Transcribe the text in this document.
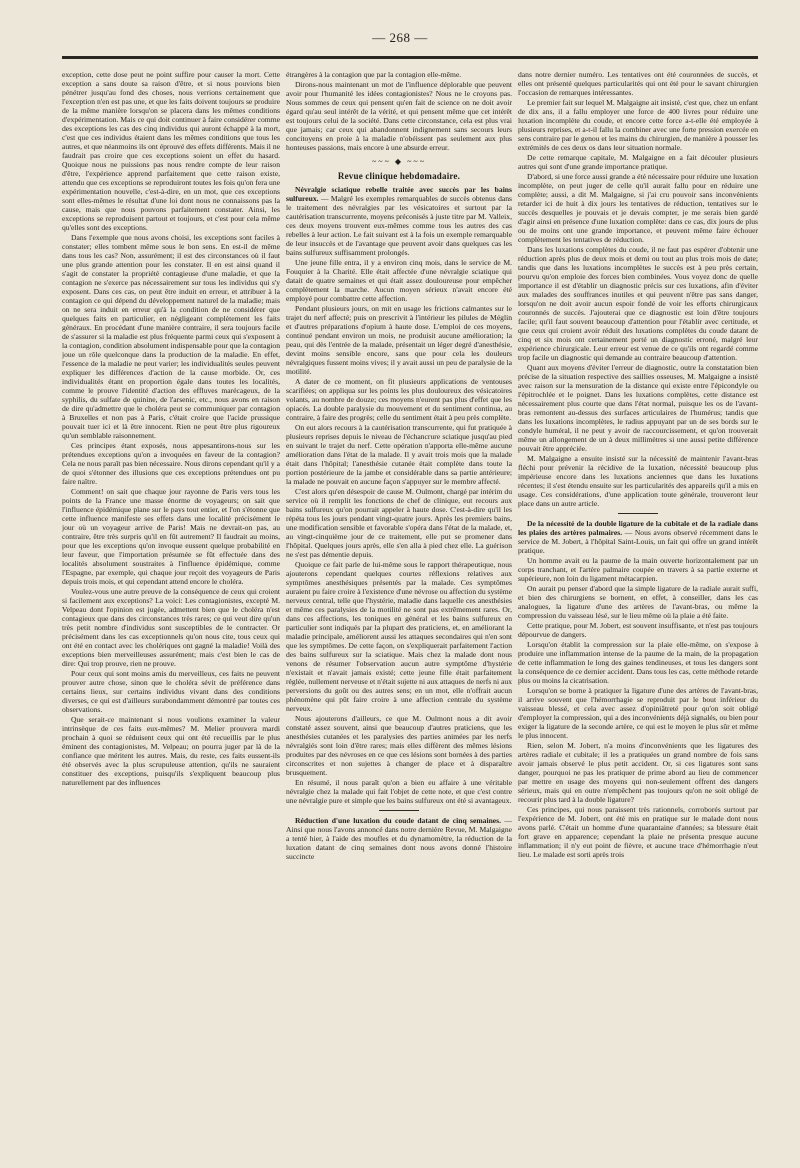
— 268 —

exception, cette dose peut ne point suffire pour causer la mort. Cette exception a sans doute sa raison d'être, et si nous pouvions bien pénétrer jusqu'au fond des choses, nous verrions certainement que l'exception n'en est pas une, et que les faits doivent toujours se produire de la même manière lorsqu'on se placera dans les mêmes conditions d'expérimentation. Mais ce qui doit continuer à faire considérer comme des exceptions les cas des cinq individus qui auront échappé à la mort, c'est que ces individus étaient dans les mêmes conditions que tous les autres, et que néanmoins ils ont éprouvé des effets différents. Mais il ne faudrait pas croire que ces exceptions soient un effet du hasard. Quoique nous ne puissions pas nous rendre compte de leur raison d'être, l'expérience apprend parfaitement que cette raison existe, attendu que ces exceptions se reproduiront toutes les fois qu'on fera une expérimentation nouvelle, c'est-à-dire, en un mot, que ces exceptions sont elles-mêmes le résultat d'une loi dont nous ne connaissons pas la cause, mais que nous pouvons parfaitement constater. Ainsi, les exceptions se reproduisent partout et toujours, et c'est pour cela même qu'elles sont des exceptions.

Dans l'exemple que nous avons choisi, les exceptions sont faciles à constater; elles tombent même sous le bon sens. En est-il de même dans tous les cas? Non, assurément; il est des circonstances où il faut une plus grande attention pour les constater. Il en est ainsi quand il s'agit de constater la propriété contagieuse d'une maladie, et que la contagion ne s'exerce pas nécessairement sur tous les individus qui s'y exposent. Dans ces cas, on peut être induit en erreur, et attribuer à la contagion ce qui dépend du développement naturel de la maladie; mais on ne sera induit en erreur qu'à la condition de ne considérer que quelques faits en particulier, en négligeant complètement les faits généraux. En procédant d'une manière contraire, il sera toujours facile de s'assurer si la maladie est plus fréquente parmi ceux qui s'exposent à la contagion, condition absolument indispensable pour que la contagion joue un rôle quelconque dans la production de la maladie. En effet, l'essence de la maladie ne peut varier; les individualités seules peuvent expliquer les différences d'action de la cause morbide. Or, ces individualités étant en proportion égale dans toutes les localités, comme le prouve l'identité d'action des effluves marécageux, de la syphilis, du sulfate de quinine, de l'arsenic, etc., nous avons en raison de dire qu'admettre que le choléra peut se communiquer par contagion à Bruxelles et non pas à Paris, c'était croire que l'acide prussique pouvait tuer ici et là être innocent. Rien ne peut être plus rigoureux qu'un semblable raisonnement.

Ces principes étant exposés, nous appesantirons-nous sur les prétendues exceptions qu'on a invoquées en faveur de la contagion? Cela ne nous paraît pas bien nécessaire. Nous dirons cependant qu'il y a de quoi s'étonner des illusions que ces exceptions prétendues ont pu faire naître.

Comment! on sait que chaque jour rayonne de Paris vers tous les points de la France une masse énorme de voyageurs; on sait que l'influence épidémique plane sur le pays tout entier, et l'on s'étonne que cette influence manifeste ses effets dans une localité précisément le jour où un voyageur arrive de Paris! Mais ne devrait-on pas, au contraire, être très surpris qu'il en fût autrement? Il faudrait au moins, pour que les exceptions qu'on invoque eussent quelque probabilité en leur faveur, que l'importation présumée se fût effectuée dans des localités absolument soustraites à l'influence épidémique, comme l'Espagne, par exemple, qui chaque jour reçoit des voyageurs de Paris depuis trois mois, et qui cependant attend encore le choléra.

Voulez-vous une autre preuve de la conséquence de ceux qui croient si facilement aux exceptions? La voici: Les contagionistes, excepté M. Velpeau dont l'opinion est jugée, admettent bien que le choléra n'est contagieux que dans des circonstances très rares; ce qui veut dire qu'un très petit nombre d'individus sont susceptibles de le contracter. Or précisément dans les cas exceptionnels qu'on nous cite, tous ceux qui ont été en contact avec les cholériques ont gagné la maladie! Voilà des exceptions bien merveilleuses assurément; mais c'est bien le cas de dire: Qui trop prouve, rien ne prouve.

Pour ceux qui sont moins amis du merveilleux, ces faits ne peuvent prouver autre chose, sinon que le choléra sévit de préférence dans certains lieux, sur certains individus vivant dans des conditions diverses, ce qui est d'ailleurs surabondamment démontré par toutes ces observations.

Que serait-ce maintenant si nous voulions examiner la valeur intrinsèque de ces faits eux-mêmes? M. Melier prouvera mardi prochain à quoi se réduisent ceux qui ont été recueillis par le plus éminent des contagionistes, M. Velpeau; on pourra juger par là de la confiance que méritent les autres. Mais, du reste, ces faits eussent-ils été observés avec la plus scrupuleuse attention, qu'ils ne sauraient constituer des exceptions, puisqu'ils s'expliquent beaucoup plus naturellement par des influences

étrangères à la contagion que par la contagion elle-même.

Dirons-nous maintenant un mot de l'influence déplorable que peuvent avoir pour l'humanité les idées contagionistes? Nous ne le croyons pas. Nous sommes de ceux qui pensent qu'en fait de science on ne doit avoir égard qu'au seul intérêt de la vérité, et qui pensent même que cet intérêt est toujours celui de la société. Dans cette circonstance, cela est plus vrai que jamais; car ceux qui abandonnent indignement sans secours leurs concitoyens en proie à la maladie n'obéissent pas seulement aux plus honteuses passions, mais encore à une absurde erreur.

~~~ ◆ ~~~
Revue clinique hebdomadaire.

Névralgie sciatique rebelle traitée avec succès par les bains sulfureux. — Malgré les exemples remarquables de succès obtenus dans le traitement des névralgies par les vésicatoires et surtout par la cautérisation transcurrente, moyens préconisés à juste titre par M. Valleix, ces deux moyens trouvent eux-mêmes comme tous les autres des cas rebelles à leur action. Le fait suivant est à la fois un exemple remarquable de leur insuccès et de l'avantage que peuvent avoir dans quelques cas les bains sulfureux suffisamment prolongés.

Une jeune fille entra, il y a environ cinq mois, dans le service de M. Fouquier à la Charité. Elle était affectée d'une névralgie sciatique qui datait de quatre semaines et qui était assez douloureuse pour empêcher complètement la marche. Aucun moyen sérieux n'avait encore été employé pour combattre cette affection.

Pendant plusieurs jours, on mit en usage les frictions calmantes sur le trajet du nerf affecté; puis on prescrivit à l'intérieur les pilules de Méglin et d'autres préparations d'opium à haute dose. L'emploi de ces moyens, continué pendant environ un mois, ne produisit aucune amélioration; la peau, qui dès l'entrée de la malade, présentait un léger degré d'anesthésie, devint moins sensible encore, sans que pour cela les douleurs névralgiques fussent moins vives; il y avait aussi un peu de paralysie de la motilité.

A dater de ce moment, on fit plusieurs applications de ventouses scarifiées; on appliqua sur les points les plus douloureux des vésicatoires volants, au nombre de douze; ces moyens n'eurent pas plus d'effet que les opiacés. La double paralysie du mouvement et du sentiment continua, au contraire, à faire des progrès; celle du sentiment était à peu près complète.

On eut alors recours à la cautérisation transcurrente, qui fut pratiquée à plusieurs reprises depuis le niveau de l'échancrure sciatique jusqu'au pied en suivant le trajet du nerf. Cette opération n'apporta elle-même aucune amélioration dans l'état de la malade. Il y avait trois mois que la malade était dans l'hôpital; l'anesthésie cutanée était complète dans toute la portion postérieure de la jambe et considérable dans sa partie antérieure; la malade ne pouvait en aucune façon s'appuyer sur le membre affecté.

C'est alors qu'en désespoir de cause M. Oulmont, chargé par intérim du service où il remplit les fonctions de chef de clinique, eut recours aux bains sulfureux qu'on pourrait appeler à haute dose. C'est-à-dire qu'il les répéta tous les jours pendant vingt-quatre jours. Après les premiers bains, une modification sensible et favorable s'opéra dans l'état de la malade, et, au vingt-cinquième jour de ce traitement, elle put se promener dans l'hôpital. Quelques jours après, elle s'en alla à pied chez elle. La guérison ne s'est pas démentie depuis.

Quoique ce fait parle de lui-même sous le rapport thérapeutique, nous ajouterons cependant quelques courtes réflexions relatives aux symptômes anesthésiques présentés par la malade. Ces symptômes auraient pu faire croire à l'existence d'une névrose ou affection du système nerveux central, telle que l'hystérie, maladie dans laquelle ces anesthésies et même ces paralysies de la motilité ne sont pas extrêmement rares. Or, dans ces affections, les toniques en général et les bains sulfureux en particulier sont indiqués par la plupart des praticiens, et, en améliorant la maladie principale, améliorent aussi les attaques secondaires qui n'en sont que les symptômes. De cette façon, on s'expliquerait parfaitement l'action des bains sulfureux sur la sciatique. Mais chez la malade dont nous venons de résumer l'observation aucun autre symptôme d'hystérie n'existait et n'avait jamais existé; cette jeune fille était parfaitement réglée, nullement nerveuse et n'était sujette ni aux attaques de nerfs ni aux perversions du goût ou des autres sens; en un mot, elle n'offrait aucun phénomène qui pût faire croire à une affection centrale du système nerveux.

Nous ajouterons d'ailleurs, ce que M. Oulmont nous a dit avoir constaté assez souvent, ainsi que beaucoup d'autres praticiens, que les anesthésies cutanées et les paralysies des parties animées par les nerfs névralgiés sont loin d'être rares; mais elles diffèrent des mêmes lésions produites par des névroses en ce que ces lésions sont bornées à des parties circonscrites et non sujettes à changer de place et à disparaître brusquement.

En résumé, il nous paraît qu'on a bien eu affaire à une véritable névralgie chez la malade qui fait l'objet de cette note, et que c'est contre une névralgie pure et simple que les bains sulfureux ont été si avantageux.

Réduction d'une luxation du coude datant de cinq semaines. — Ainsi que nous l'avons annoncé dans notre dernière Revue, M. Malgaigne a tenté hier, à l'aide des moufles et du dynamomètre, la réduction de la luxation datant de cinq semaines dont nous avons donné l'histoire succincte

dans notre dernier numéro. Les tentatives ont été couronnées de succès, et elles ont présenté quelques particularités qui ont été pour le savant chirurgien l'occasion de remarques intéressantes.

Le premier fait sur lequel M. Malgaigne ait insisté, c'est que, chez un enfant de dix ans, il a fallu employer une force de 400 livres pour réduire une luxation incomplète du coude, et encore cette force a-t-elle été employée à plusieurs reprises, et a-t-il fallu la combiner avec une forte pression exercée en sens contraire par le genou et les mains du chirurgien, de manière à pousser les extrémités de ces deux os dans leur situation normale.

De cette remarque capitale, M. Malgaigne en a fait découler plusieurs autres qui sont d'une grande importance pratique.

D'abord, si une force aussi grande a été nécessaire pour réduire une luxation incomplète, on peut juger de celle qu'il aurait fallu pour en réduire une complète; aussi, a dit M. Malgaigne, si j'ai cru pouvoir sans inconvénients retarder ici de huit à dix jours les tentatives de réduction, tentatives sur le succès desquelles je pouvais et je devais compter, je me serais bien gardé d'agir ainsi en présence d'une luxation complète: dans ce cas, dix jours de plus ou de moins ont une grande importance, et peuvent même faire échouer complètement les tentatives de réduction.

Dans les luxations complètes du coude, il ne faut pas espérer d'obtenir une réduction après plus de deux mois et demi ou tout au plus trois mois de date; tandis que dans les luxations incomplètes le succès est à peu près certain, pourvu qu'on emploie des forces bien combinées. Vous voyez donc de quelle importance il est d'établir un diagnostic précis sur ces luxations, afin d'éviter aux malades des souffrances inutiles et qui peuvent n'être pas sans danger, lorsqu'on ne doit avoir aucun espoir fondé de voir les efforts chirurgicaux couronnés de succès. J'ajouterai que ce diagnostic est loin d'être toujours facile; qu'il faut souvent beaucoup d'attention pour l'établir avec certitude, et que ceux qui croient avoir réduit des luxations complètes du coude datant de cinq et six mois ont certainement porté un diagnostic erroné, malgré leur expérience chirurgicale. Leur erreur est venue de ce qu'ils ont regardé comme trop facile un diagnostic qui demande au contraire beaucoup d'attention.

Quant aux moyens d'éviter l'erreur de diagnostic, outre la constatation bien précise de la situation respective des saillies osseuses, M. Malgaigne a insisté avec raison sur la mensuration de la distance qui existe entre l'épicondyle ou l'épitrochlée et le poignet. Dans les luxations complètes, cette distance est nécessairement plus courte que dans l'état normal, puisque les os de l'avant-bras remontent au-dessus des surfaces articulaires de l'humérus; tandis que dans les luxations incomplètes, le radius appuyant par un de ses bords sur le condyle huméral, il ne peut y avoir de raccourcissement, et qu'on trouverait même un allongement de un à deux millimètres si une aussi petite différence pouvait être appréciée.

M. Malgaigne a ensuite insisté sur la nécessité de maintenir l'avant-bras fléchi pour prévenir la récidive de la luxation, nécessité beaucoup plus impérieuse encore dans les luxations anciennes que dans les luxations récentes; il s'est étendu ensuite sur les particularités des appareils qu'il a mis en usage. Ces considérations, d'une application toute générale, trouveront leur place dans un autre article.

De la nécessité de la double ligature de la cubitale et de la radiale dans les plaies des artères palmaires. — Nous avons observé récemment dans le service de M. Jobert, à l'hôpital Saint-Louis, un fait qui offre un grand intérêt pratique.

Un homme avait eu la paume de la main ouverte horizontalement par un corps tranchant, et l'artère palmaire coupée en travers à sa partie externe et supérieure, non loin du ligament métacarpien.

On aurait pu penser d'abord que la simple ligature de la radiale aurait suffi, et bien des chirurgiens se bornent, en effet, à conseiller, dans les cas analogues, la ligature d'une des artères de l'avant-bras, ou même la compression du vaisseau lésé, sur le lieu même où la plaie a été faite.

Cette pratique, pour M. Jobert, est souvent insuffisante, et n'est pas toujours dépourvue de dangers.

Lorsqu'on établit la compression sur la plaie elle-même, on s'expose à produire une inflammation intense de la paume de la main, de la propagation de cette inflammation le long des gaines tendineuses, et tous les dangers sont la conséquence de ce dernier accident. Dans tous les cas, cette méthode retarde plus ou moins la cicatrisation.

Lorsqu'on se borne à pratiquer la ligature d'une des artères de l'avant-bras, il arrive souvent que l'hémorrhagie se reproduit par le bout inférieur du vaisseau blessé, et cela avec assez d'opiniâtreté pour qu'on soit obligé d'employer la compression, qui a des inconvénients déjà signalés, ou bien pour exiger la ligature de la seconde artère, ce qui est le moyen le plus sûr et même le plus innocent.

Rien, selon M. Jobert, n'a moins d'inconvénients que les ligatures des artères radiale et cubitale; il les a pratiquées un grand nombre de fois sans avoir jamais observé le plus petit accident. Or, si ces ligatures sont sans danger, pourquoi ne pas les pratiquer de prime abord au lieu de commencer par mettre en usage des moyens qui non-seulement offrent des dangers sérieux, mais qui en outre n'empêchent pas toujours qu'on ne soit obligé de recourir plus tard à la double ligature?

Ces principes, qui nous paraissent très rationnels, corroborés surtout par l'expérience de M. Jobert, ont été mis en pratique sur le malade dont nous avons parlé. C'était un homme d'une quarantaine d'années; sa blessure était fort grave en apparence; cependant la plaie ne présenta presque aucune inflammation; il n'y eut point de fièvre, et aucune trace d'hémorrhagie n'eut lieu. Le malade est sorti après trois
